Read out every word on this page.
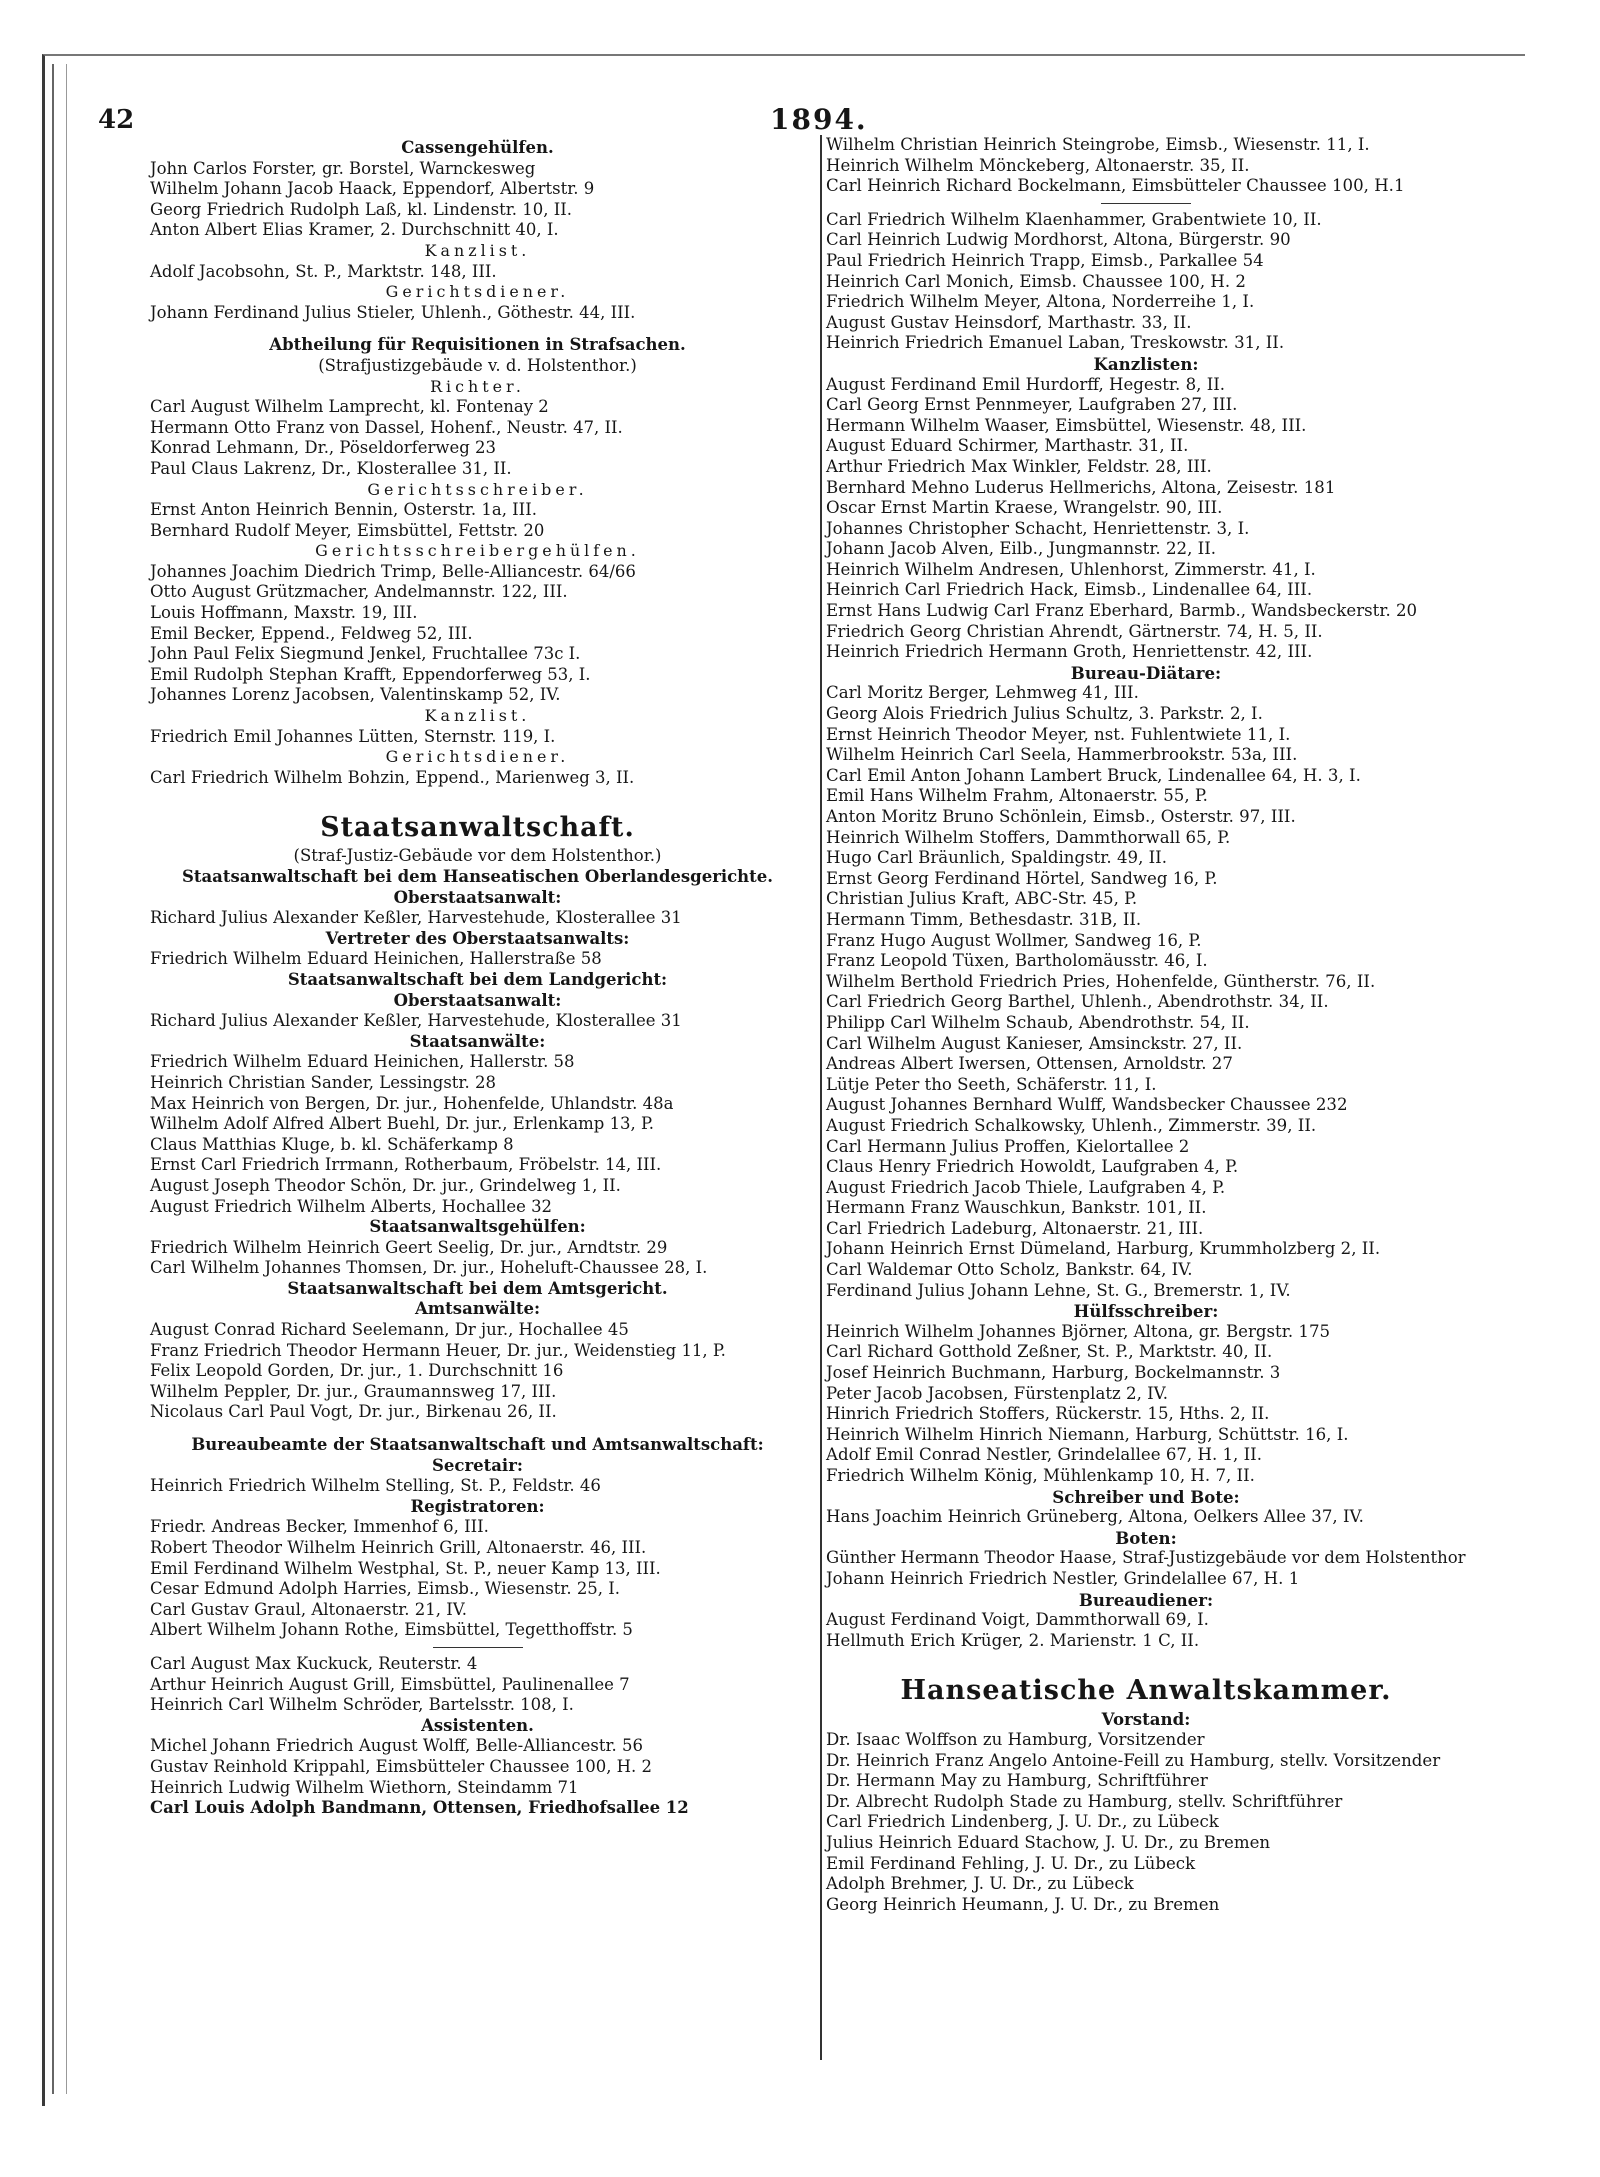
42	1894.
Cassengehülfen.
John Carlos Forster, gr. Borstel, Warnckesweg
Wilhelm Johann Jacob Haack, Eppendorf, Albertstr. 9
Georg Friedrich Rudolph Laß, kl. Lindenstr. 10, II.
Anton Albert Elias Kramer, 2. Durchschnitt 40, I.
Kanzlist.
Adolf Jacobsohn, St. P., Marktstr. 148, III.
Gerichtsdiener.
Johann Ferdinand Julius Stieler, Uhlenh., Göthestr. 44, III.
Abtheilung für Requisitionen in Strafsachen.
(Strafjustizgebäude v. d. Holstenthor.)
Richter.
Carl August Wilhelm Lamprecht, kl. Fontenay 2
Hermann Otto Franz von Dassel, Hohenf., Neustr. 47, II.
Konrad Lehmann, Dr., Pöseldorferweg 23
Paul Claus Lakrenz, Dr., Klosterallee 31, II.
Gerichtsschreiber.
Ernst Anton Heinrich Bennin, Osterstr. 1a, III.
Bernhard Rudolf Meyer, Eimsbüttel, Fettstr. 20
Gerichtsschreibergehülfen.
Johannes Joachim Diedrich Trimp, Belle-Alliancestr. 64/66
Otto August Grützmacher, Andelmannstr. 122, III.
Louis Hoffmann, Maxstr. 19, III.
Emil Becker, Eppend., Feldweg 52, III.
John Paul Felix Siegmund Jenkel, Fruchtallee 73c I.
Emil Rudolph Stephan Krafft, Eppendorferweg 53, I.
Johannes Lorenz Jacobsen, Valentinskamp 52, IV.
Kanzlist.
Friedrich Emil Johannes Lütten, Sternstr. 119, I.
Gerichtsdiener.
Carl Friedrich Wilhelm Bohzin, Eppend., Marienweg 3, II.
Staatsanwaltschaft.
(Straf-Justiz-Gebäude vor dem Holstenthor.)
Staatsanwaltschaft bei dem Hanseatischen Oberlandesgerichte.
Oberstaatsanwalt:
Richard Julius Alexander Keßler, Harvestehude, Klosterallee 31
Vertreter des Oberstaatsanwalts:
Friedrich Wilhelm Eduard Heinichen, Hallerstraße 58
Staatsanwaltschaft bei dem Landgericht:
Oberstaatsanwalt:
Richard Julius Alexander Keßler, Harvestehude, Klosterallee 31
Staatsanwälte:
Friedrich Wilhelm Eduard Heinichen, Hallerstr. 58
Heinrich Christian Sander, Lessingstr. 28
Max Heinrich von Bergen, Dr. jur., Hohenfelde, Uhlandstr. 48a
Wilhelm Adolf Alfred Albert Buehl, Dr. jur., Erlenkamp 13, P.
Claus Matthias Kluge, b. kl. Schäferkamp 8
Ernst Carl Friedrich Irrmann, Rotherbaum, Fröbelstr. 14, III.
August Joseph Theodor Schön, Dr. jur., Grindelweg 1, II.
August Friedrich Wilhelm Alberts, Hochallee 32
Staatsanwaltsgehülfen:
Friedrich Wilhelm Heinrich Geert Seelig, Dr. jur., Arndtstr. 29
Carl Wilhelm Johannes Thomsen, Dr. jur., Hoheluft-Chaussee 28, I.
Staatsanwaltschaft bei dem Amtsgericht.
Amtsanwälte:
August Conrad Richard Seelemann, Dr jur., Hochallee 45
Franz Friedrich Theodor Hermann Heuer, Dr. jur., Weidenstieg 11, P.
Felix Leopold Gorden, Dr. jur., 1. Durchschnitt 16
Wilhelm Peppler, Dr. jur., Graumannsweg 17, III.
Nicolaus Carl Paul Vogt, Dr. jur., Birkenau 26, II.
Bureaubeamte der Staatsanwaltschaft und Amtsanwaltschaft:
Secretair:
Heinrich Friedrich Wilhelm Stelling, St. P., Feldstr. 46
Registratoren:
Friedr. Andreas Becker, Immenhof 6, III.
Robert Theodor Wilhelm Heinrich Grill, Altonaerstr. 46, III.
Emil Ferdinand Wilhelm Westphal, St. P., neuer Kamp 13, III.
Cesar Edmund Adolph Harries, Eimsb., Wiesenstr. 25, I.
Carl Gustav Graul, Altonaerstr. 21, IV.
Albert Wilhelm Johann Rothe, Eimsbüttel, Tegetthoffstr. 5
Carl August Max Kuckuck, Reuterstr. 4
Arthur Heinrich August Grill, Eimsbüttel, Paulinenallee 7
Heinrich Carl Wilhelm Schröder, Bartelsstr. 108, I.
Assistenten.
Michel Johann Friedrich August Wolff, Belle-Alliancestr. 56
Gustav Reinhold Krippahl, Eimsbütteler Chaussee 100, H. 2
Heinrich Ludwig Wilhelm Wiethorn, Steindamm 71
Carl Louis Adolph Bandmann, Ottensen, Friedhofsallee 12
Wilhelm Christian Heinrich Steingrobe, Eimsb., Wiesenstr. 11, I.
Heinrich Wilhelm Mönckeberg, Altonaerstr. 35, II.
Carl Heinrich Richard Bockelmann, Eimsbütteler Chaussee 100, H.1
Carl Friedrich Wilhelm Klaenhammer, Grabentwiete 10, II.
Carl Heinrich Ludwig Mordhorst, Altona, Bürgerstr. 90
Paul Friedrich Heinrich Trapp, Eimsb., Parkallee 54
Heinrich Carl Monich, Eimsb. Chaussee 100, H. 2
Friedrich Wilhelm Meyer, Altona, Norderreihe 1, I.
August Gustav Heinsdorf, Marthastr. 33, II.
Heinrich Friedrich Emanuel Laban, Treskowstr. 31, II.
Kanzlisten:
August Ferdinand Emil Hurdorff, Hegestr. 8, II.
Carl Georg Ernst Pennmeyer, Laufgraben 27, III.
Hermann Wilhelm Waaser, Eimsbüttel, Wiesenstr. 48, III.
August Eduard Schirmer, Marthastr. 31, II.
Arthur Friedrich Max Winkler, Feldstr. 28, III.
Bernhard Mehno Luderus Hellmerichs, Altona, Zeisestr. 181
Oscar Ernst Martin Kraese, Wrangelstr. 90, III.
Johannes Christopher Schacht, Henriettenstr. 3, I.
Johann Jacob Alven, Eilb., Jungmannstr. 22, II.
Heinrich Wilhelm Andresen, Uhlenhorst, Zimmerstr. 41, I.
Heinrich Carl Friedrich Hack, Eimsb., Lindenallee 64, III.
Ernst Hans Ludwig Carl Franz Eberhard, Barmb., Wandsbeckerstr. 20
Friedrich Georg Christian Ahrendt, Gärtnerstr. 74, H. 5, II.
Heinrich Friedrich Hermann Groth, Henriettenstr. 42, III.
Bureau-Diätare:
Carl Moritz Berger, Lehmweg 41, III.
Georg Alois Friedrich Julius Schultz, 3. Parkstr. 2, I.
Ernst Heinrich Theodor Meyer, nst. Fuhlentwiete 11, I.
Wilhelm Heinrich Carl Seela, Hammerbrookstr. 53a, III.
Carl Emil Anton Johann Lambert Bruck, Lindenallee 64, H. 3, I.
Emil Hans Wilhelm Frahm, Altonaerstr. 55, P.
Anton Moritz Bruno Schönlein, Eimsb., Osterstr. 97, III.
Heinrich Wilhelm Stoffers, Dammthorwall 65, P.
Hugo Carl Bräunlich, Spaldingstr. 49, II.
Ernst Georg Ferdinand Hörtel, Sandweg 16, P.
Christian Julius Kraft, ABC-Str. 45, P.
Hermann Timm, Bethesdastr. 31B, II.
Franz Hugo August Wollmer, Sandweg 16, P.
Franz Leopold Tüxen, Bartholomäusstr. 46, I.
Wilhelm Berthold Friedrich Pries, Hohenfelde, Güntherstr. 76, II.
Carl Friedrich Georg Barthel, Uhlenh., Abendrothstr. 34, II.
Philipp Carl Wilhelm Schaub, Abendrothstr. 54, II.
Carl Wilhelm August Kanieser, Amsinckstr. 27, II.
Andreas Albert Iwersen, Ottensen, Arnoldstr. 27
Lütje Peter tho Seeth, Schäferstr. 11, I.
August Johannes Bernhard Wulff, Wandsbecker Chaussee 232
August Friedrich Schalkowsky, Uhlenh., Zimmerstr. 39, II.
Carl Hermann Julius Proffen, Kielortallee 2
Claus Henry Friedrich Howoldt, Laufgraben 4, P.
August Friedrich Jacob Thiele, Laufgraben 4, P.
Hermann Franz Wauschkun, Bankstr. 101, II.
Carl Friedrich Ladeburg, Altonaerstr. 21, III.
Johann Heinrich Ernst Dümeland, Harburg, Krummholzberg 2, II.
Carl Waldemar Otto Scholz, Bankstr. 64, IV.
Ferdinand Julius Johann Lehne, St. G., Bremerstr. 1, IV.
Hülfsschreiber:
Heinrich Wilhelm Johannes Björner, Altona, gr. Bergstr. 175
Carl Richard Gotthold Zeßner, St. P., Marktstr. 40, II.
Josef Heinrich Buchmann, Harburg, Bockelmannstr. 3
Peter Jacob Jacobsen, Fürstenplatz 2, IV.
Hinrich Friedrich Stoffers, Rückerstr. 15, Hths. 2, II.
Heinrich Wilhelm Hinrich Niemann, Harburg, Schüttstr. 16, I.
Adolf Emil Conrad Nestler, Grindelallee 67, H. 1, II.
Friedrich Wilhelm König, Mühlenkamp 10, H. 7, II.
Schreiber und Bote:
Hans Joachim Heinrich Grüneberg, Altona, Oelkers Allee 37, IV.
Boten:
Günther Hermann Theodor Haase, Straf-Justizgebäude vor dem Holstenthor
Johann Heinrich Friedrich Nestler, Grindelallee 67, H. 1
Bureaudiener:
August Ferdinand Voigt, Dammthorwall 69, I.
Hellmuth Erich Krüger, 2. Marienstr. 1 C, II.
Hanseatische Anwaltskammer.
Vorstand:
Dr. Isaac Wolffson zu Hamburg, Vorsitzender
Dr. Heinrich Franz Angelo Antoine-Feill zu Hamburg, stellv. Vorsitzender
Dr. Hermann May zu Hamburg, Schriftführer
Dr. Albrecht Rudolph Stade zu Hamburg, stellv. Schriftführer
Carl Friedrich Lindenberg, J. U. Dr., zu Lübeck
Julius Heinrich Eduard Stachow, J. U. Dr., zu Bremen
Emil Ferdinand Fehling, J. U. Dr., zu Lübeck
Adolph Brehmer, J. U. Dr., zu Lübeck
Georg Heinrich Heumann, J. U. Dr., zu Bremen
